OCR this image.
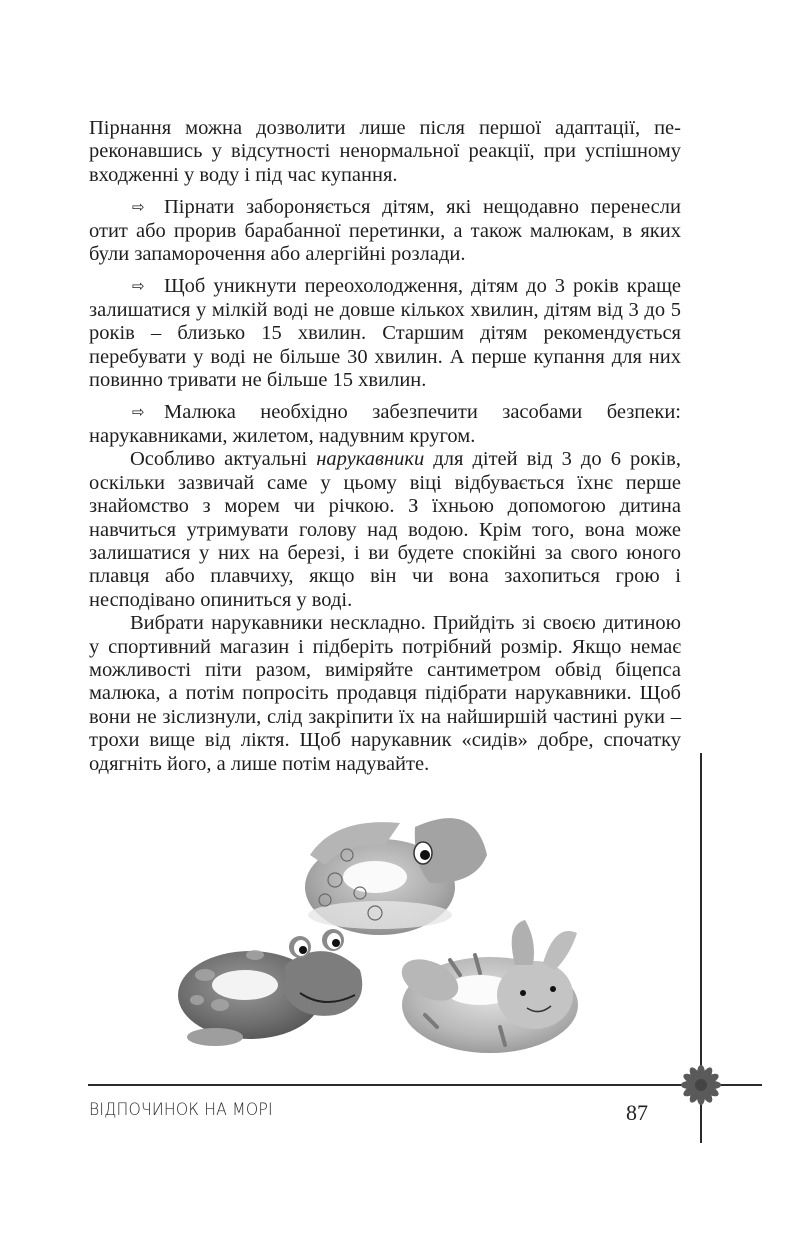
Пірнання можна дозволити лише після першої адаптації, переконавшись у відсутності ненормальної реакції, при успішному входженні у воду і під час купання.

⇨ Пірнати забороняється дітям, які нещодавно перенесли отит або прорив барабанної перетинки, а також малюкам, в яких були запаморочення або алергійні розлади.

⇨ Щоб уникнути переохолодження, дітям до 3 років краще залишатися у мілкій воді не довше кількох хвилин, дітям від 3 до 5 років – близько 15 хвилин. Старшим дітям рекомендується перебувати у воді не більше 30 хвилин. А перше купання для них повинно тривати не більше 15 хвилин.

⇨ Малюка необхідно забезпечити засобами безпеки: нарукавниками, жилетом, надувним кругом.

Особливо актуальні нарукавники для дітей від 3 до 6 років, оскільки зазвичай саме у цьому віці відбувається їхнє перше знайомство з морем чи річкою. З їхньою допомогою дитина навчиться утримувати голову над водою. Крім того, вона може залишатися у них на березі, і ви будете спокійні за свого юного плавця або плавчиху, якщо він чи вона захопиться грою і несподівано опиниться у воді.

Вибрати нарукавники нескладно. Прийдіть зі своєю дитиною у спортивний магазин і підберіть потрібний розмір. Якщо немає можливості піти разом, виміряйте сантиметром обвід біцепса малюка, а потім попросіть продавця підібрати нарукавники. Щоб вони не зіслизнули, слід закріпити їх на найширшій частині руки – трохи вище від ліктя. Щоб нарукавник «сидів» добре, спочатку одягніть його, а лише потім надувайте.

ВІДПОЧИНОК НА МОРІ	87
